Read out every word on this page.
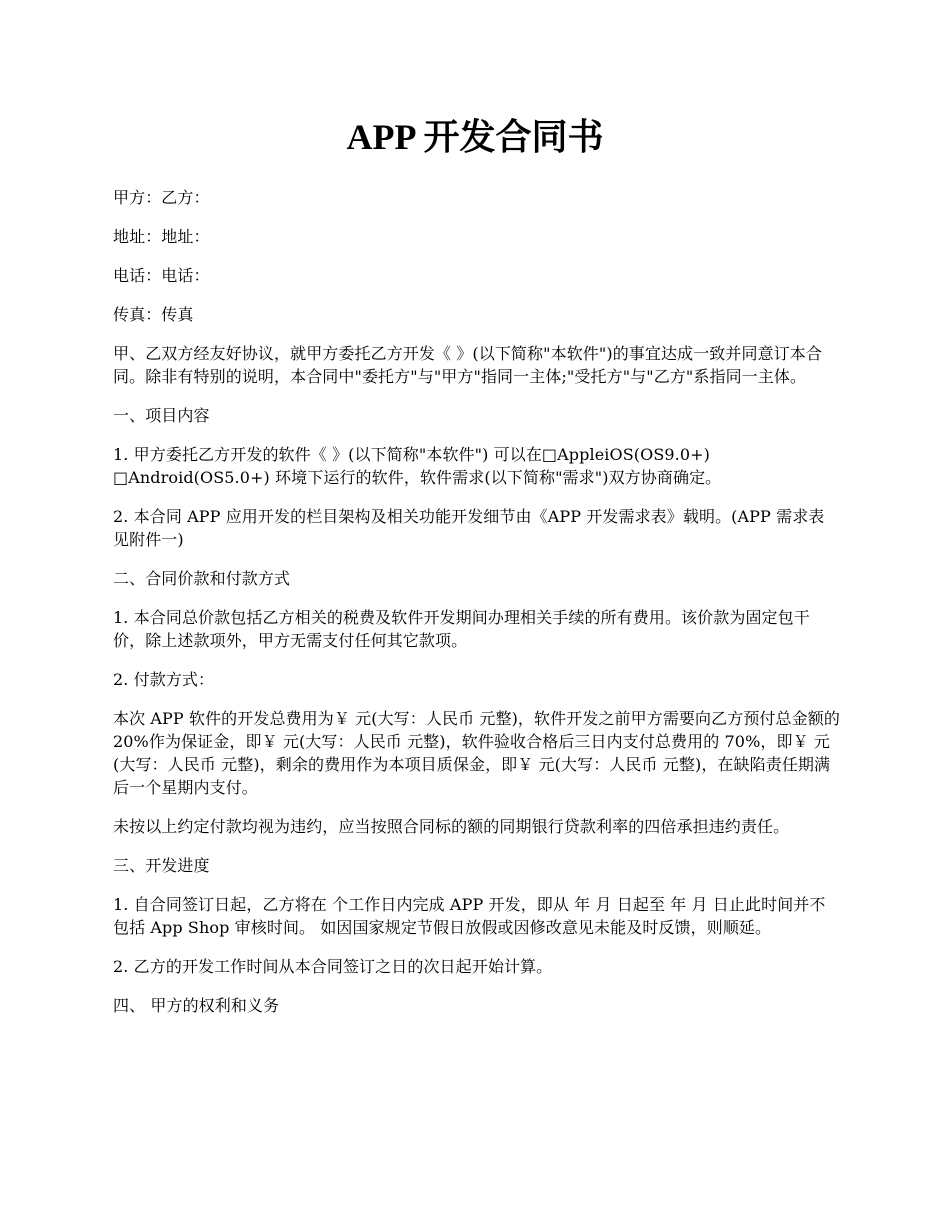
APP 开发合同书

甲方：乙方：

地址：地址：

电话：电话：

传真：传真

甲、乙双方经友好协议，就甲方委托乙方开发《 》(以下简称"本软件")的事宜达成一致并同意订本合同。除非有特别的说明，本合同中"委托方"与"甲方"指同一主体;"受托方"与"乙方"系指同一主体。

一、项目内容

1. 甲方委托乙方开发的软件《 》(以下简称"本软件") 可以在□AppleiOS(OS9.0+) □Android(OS5.0+) 环境下运行的软件，软件需求(以下简称"需求")双方协商确定。

2. 本合同 APP 应用开发的栏目架构及相关功能开发细节由《APP 开发需求表》载明。(APP 需求表见附件一)

二、合同价款和付款方式

1. 本合同总价款包括乙方相关的税费及软件开发期间办理相关手续的所有费用。该价款为固定包干价，除上述款项外，甲方无需支付任何其它款项。

2. 付款方式：

本次 APP 软件的开发总费用为￥ 元(大写：人民币 元整)，软件开发之前甲方需要向乙方预付总金额的 20%作为保证金，即￥ 元(大写：人民币 元整)，软件验收合格后三日内支付总费用的 70%，即￥ 元(大写：人民币 元整)，剩余的费用作为本项目质保金，即￥ 元(大写：人民币 元整)，在缺陷责任期满后一个星期内支付。

未按以上约定付款均视为违约，应当按照合同标的额的同期银行贷款利率的四倍承担违约责任。

三、开发进度

1. 自合同签订日起，乙方将在 个工作日内完成 APP 开发，即从 年 月 日起至 年 月 日止此时间并不包括 App Shop 审核时间。 如因国家规定节假日放假或因修改意见未能及时反馈，则顺延。

2. 乙方的开发工作时间从本合同签订之日的次日起开始计算。

四、 甲方的权利和义务
